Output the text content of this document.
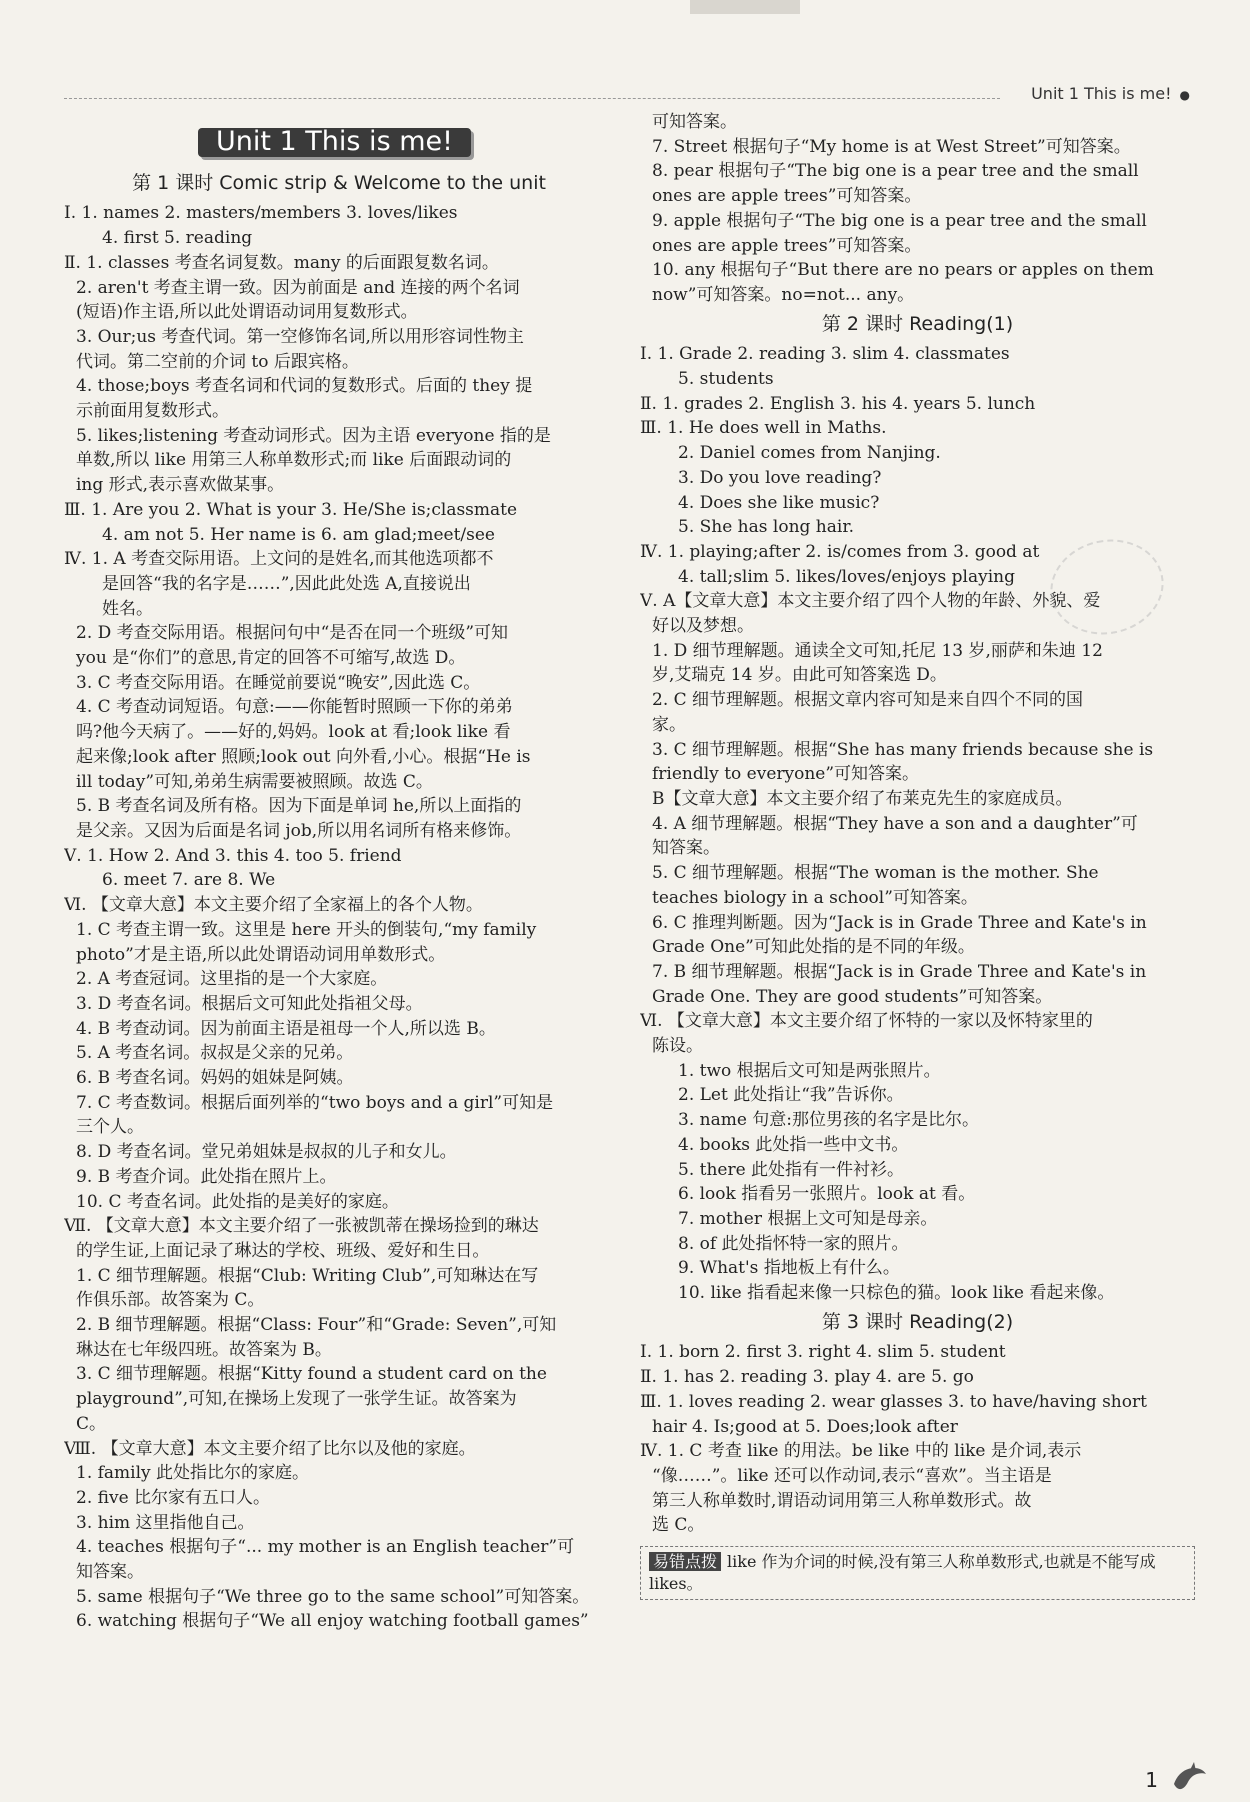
Unit 1 This is me! ●
Unit 1 This is me!
第 1 课时 Comic strip & Welcome to the unit
Ⅰ. 1. names 2. masters/members 3. loves/likes
4. first 5. reading
Ⅱ. 1. classes 考查名词复数。many 的后面跟复数名词。
2. aren't 考查主谓一致。因为前面是 and 连接的两个名词
(短语)作主语,所以此处谓语动词用复数形式。
3. Our;us 考查代词。第一空修饰名词,所以用形容词性物主
代词。第二空前的介词 to 后跟宾格。
4. those;boys 考查名词和代词的复数形式。后面的 they 提
示前面用复数形式。
5. likes;listening 考查动词形式。因为主语 everyone 指的是
单数,所以 like 用第三人称单数形式;而 like 后面跟动词的
ing 形式,表示喜欢做某事。
Ⅲ. 1. Are you 2. What is your 3. He/She is;classmate
4. am not 5. Her name is 6. am glad;meet/see
Ⅳ. 1. A 考查交际用语。上文问的是姓名,而其他选项都不
是回答“我的名字是……”,因此此处选 A,直接说出
姓名。
2. D 考查交际用语。根据问句中“是否在同一个班级”可知
you 是“你们”的意思,肯定的回答不可缩写,故选 D。
3. C 考查交际用语。在睡觉前要说“晚安”,因此选 C。
4. C 考查动词短语。句意:——你能暂时照顾一下你的弟弟
吗?他今天病了。——好的,妈妈。look at 看;look like 看
起来像;look after 照顾;look out 向外看,小心。根据“He is
ill today”可知,弟弟生病需要被照顾。故选 C。
5. B 考查名词及所有格。因为下面是单词 he,所以上面指的
是父亲。又因为后面是名词 job,所以用名词所有格来修饰。
Ⅴ. 1. How 2. And 3. this 4. too 5. friend
6. meet 7. are 8. We
Ⅵ. 【文章大意】本文主要介绍了全家福上的各个人物。
1. C 考查主谓一致。这里是 here 开头的倒装句,“my family
photo”才是主语,所以此处谓语动词用单数形式。
2. A 考查冠词。这里指的是一个大家庭。
3. D 考查名词。根据后文可知此处指祖父母。
4. B 考查动词。因为前面主语是祖母一个人,所以选 B。
5. A 考查名词。叔叔是父亲的兄弟。
6. B 考查名词。妈妈的姐妹是阿姨。
7. C 考查数词。根据后面列举的“two boys and a girl”可知是
三个人。
8. D 考查名词。堂兄弟姐妹是叔叔的儿子和女儿。
9. B 考查介词。此处指在照片上。
10. C 考查名词。此处指的是美好的家庭。
Ⅶ. 【文章大意】本文主要介绍了一张被凯蒂在操场捡到的琳达
的学生证,上面记录了琳达的学校、班级、爱好和生日。
1. C 细节理解题。根据“Club: Writing Club”,可知琳达在写
作俱乐部。故答案为 C。
2. B 细节理解题。根据“Class: Four”和“Grade: Seven”,可知
琳达在七年级四班。故答案为 B。
3. C 细节理解题。根据“Kitty found a student card on the
playground”,可知,在操场上发现了一张学生证。故答案为
C。
Ⅷ. 【文章大意】本文主要介绍了比尔以及他的家庭。
1. family 此处指比尔的家庭。
2. five 比尔家有五口人。
3. him 这里指他自己。
4. teaches 根据句子“... my mother is an English teacher”可
知答案。
5. same 根据句子“We three go to the same school”可知答案。
6. watching 根据句子“We all enjoy watching football games”
可知答案。
7. Street 根据句子“My home is at West Street”可知答案。
8. pear 根据句子“The big one is a pear tree and the small
ones are apple trees”可知答案。
9. apple 根据句子“The big one is a pear tree and the small
ones are apple trees”可知答案。
10. any 根据句子“But there are no pears or apples on them
now”可知答案。no=not... any。
第 2 课时 Reading(1)
Ⅰ. 1. Grade 2. reading 3. slim 4. classmates
5. students
Ⅱ. 1. grades 2. English 3. his 4. years 5. lunch
Ⅲ. 1. He does well in Maths.
2. Daniel comes from Nanjing.
3. Do you love reading?
4. Does she like music?
5. She has long hair.
Ⅳ. 1. playing;after 2. is/comes from 3. good at
4. tall;slim 5. likes/loves/enjoys playing
Ⅴ. A【文章大意】本文主要介绍了四个人物的年龄、外貌、爱
好以及梦想。
1. D 细节理解题。通读全文可知,托尼 13 岁,丽萨和朱迪 12
岁,艾瑞克 14 岁。由此可知答案选 D。
2. C 细节理解题。根据文章内容可知是来自四个不同的国
家。
3. C 细节理解题。根据“She has many friends because she is
friendly to everyone”可知答案。
B【文章大意】本文主要介绍了布莱克先生的家庭成员。
4. A 细节理解题。根据“They have a son and a daughter”可
知答案。
5. C 细节理解题。根据“The woman is the mother. She
teaches biology in a school”可知答案。
6. C 推理判断题。因为“Jack is in Grade Three and Kate's in
Grade One”可知此处指的是不同的年级。
7. B 细节理解题。根据“Jack is in Grade Three and Kate's in
Grade One. They are good students”可知答案。
Ⅵ. 【文章大意】本文主要介绍了怀特的一家以及怀特家里的
陈设。
1. two 根据后文可知是两张照片。
2. Let 此处指让“我”告诉你。
3. name 句意:那位男孩的名字是比尔。
4. books 此处指一些中文书。
5. there 此处指有一件衬衫。
6. look 指看另一张照片。look at 看。
7. mother 根据上文可知是母亲。
8. of 此处指怀特一家的照片。
9. What's 指地板上有什么。
10. like 指看起来像一只棕色的猫。look like 看起来像。
第 3 课时 Reading(2)
Ⅰ. 1. born 2. first 3. right 4. slim 5. student
Ⅱ. 1. has 2. reading 3. play 4. are 5. go
Ⅲ. 1. loves reading 2. wear glasses 3. to have/having short
hair 4. Is;good at 5. Does;look after
Ⅳ. 1. C 考查 like 的用法。be like 中的 like 是介词,表示
“像……”。like 还可以作动词,表示“喜欢”。当主语是
第三人称单数时,谓语动词用第三人称单数形式。故
选 C。
易错点拨 like 作为介词的时候,没有第三人称单数形式,也就是不能写成 likes。
1
